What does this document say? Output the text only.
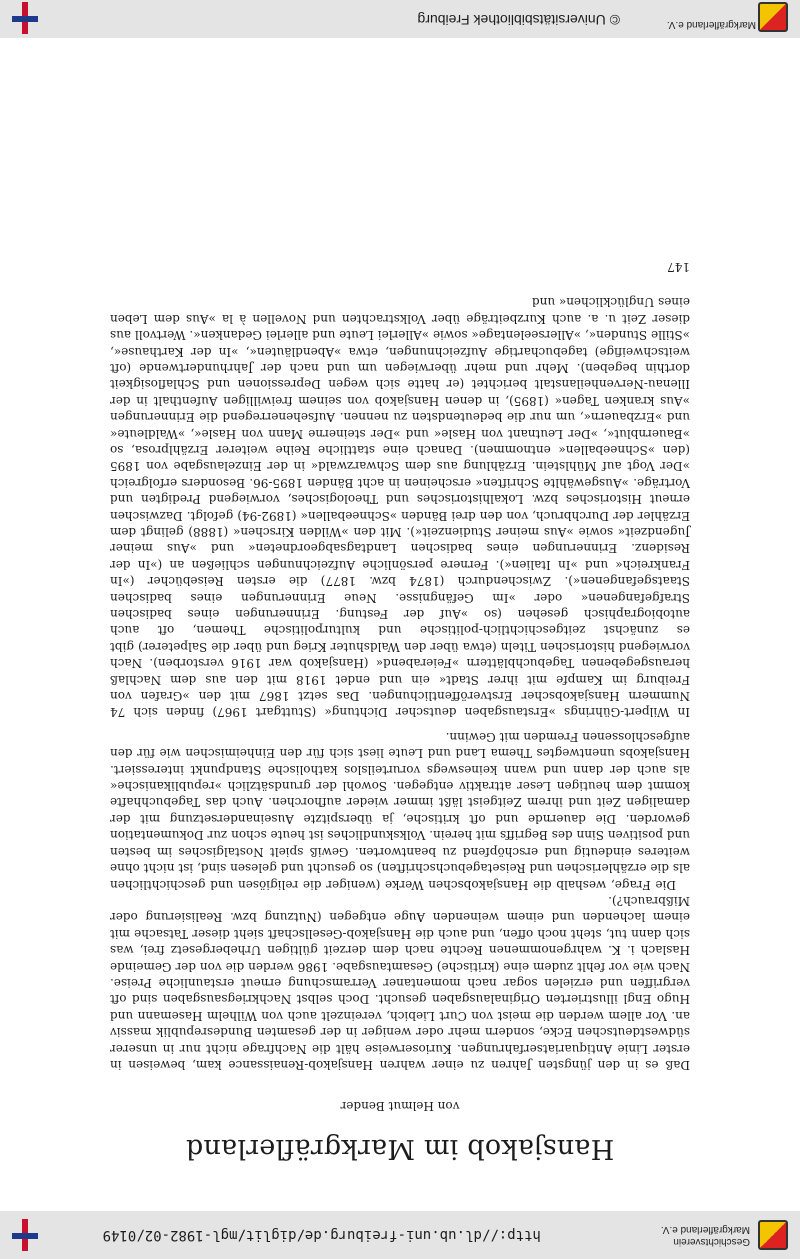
Geschichtsverein
Markgräflerland e.V.
http://dl.ub.uni-freiburg.de/diglit/mgl-1982-02/0149
Hansjakob im Markgräflerland
von Helmut Bender

Daß es in den jüngsten Jahren zu einer wahren Hansjakob-Renaissance kam, beweisen in erster Linie Antiquariatserfahrungen. Kurioserweise hält die Nachfrage nicht nur in unserer südwestdeutschen Ecke, sondern mehr oder weniger in der gesamten Bundesrepublik massiv an. Vor allem werden die meist von Curt Liebich, vereinzelt auch von Wilhelm Hasemann und Hugo Engl illustrierten Originalausgaben gesucht. Doch selbst Nachkriegsausgaben sind oft vergriffen und erzielen sogar nach momentaner Verramschung erneut erstaunliche Preise. Nach wie vor fehlt zudem eine (kritische) Gesamtausgabe. 1986 werden die von der Gemeinde Haslach i. K. wahrgenommenen Rechte nach dem derzeit gültigen Urhebergesetz frei, was sich dann tut, steht noch offen, und auch die Hansjakob-Gesellschaft sieht dieser Tatsache mit einem lachenden und einem weinenden Auge entgegen (Nutzung bzw. Realisierung oder Mißbrauch?).

Die Frage, weshalb die Hansjakobschen Werke (weniger die religiösen und geschichtlichen als die erzählerischen und Reisetagebuchschriften) so gesucht und gelesen sind, ist nicht ohne weiteres eindeutig und erschöpfend zu beantworten. Gewiß spielt Nostalgisches im besten und positiven Sinn des Begriffs mit herein. Volkskundliches ist heute schon zur Dokumentation geworden. Die dauernde und oft kritische, ja überspitzte Auseinandersetzung mit der damaligen Zeit und ihrem Zeitgeist läßt immer wieder aufhorchen. Auch das Tagebuchhafte kommt dem heutigen Leser attraktiv entgegen. Sowohl der grundsätzlich »republikanische« als auch der dann und wann keineswegs vorurteilslos katholische Standpunkt interessiert. Hansjakobs unentwegtes Thema Land und Leute liest sich für den Einheimischen wie für den aufgeschlossenen Fremden mit Gewinn.

In Wilpert-Gührings »Erstausgaben deutscher Dichtung« (Stuttgart 1967) finden sich 74 Nummern Hansjakobscher Erstveröffentlichungen. Das setzt 1867 mit den »Grafen von Freiburg im Kampfe mit ihrer Stadt« ein und endet 1918 mit den aus dem Nachlaß herausgegebenen Tagebuchblättern »Feierabend« (Hansjakob war 1916 verstorben). Nach vorwiegend historischen Titeln (etwa über den Waldshuter Krieg und über die Salpeterer) gibt es zunächst zeitgeschichtlich-politische und kulturpolitische Themen, oft auch autobiographisch gesehen (so »Auf der Festung. Erinnerungen eines badischen Strafgefangenen« oder »Im Gefängnisse. Neue Erinnerungen eines badischen Staatsgefangenen«). Zwischendurch (1874 bzw. 1877) die ersten Reisebücher (»In Frankreich« und »In Italien«). Fernere persönliche Aufzeichnungen schließen an (»In der Residenz. Erinnerungen eines badischen Landtagsabgeordneten« und »Aus meiner Jugendzeit« sowie »Aus meiner Studienzeit«). Mit den »Wilden Kirschen« (1888) gelingt dem Erzähler der Durchbruch, von den drei Bänden »Schneeballen« (1892-94) gefolgt. Dazwischen erneut Historisches bzw. Lokalhistorisches und Theologisches, vorwiegend Predigten und Vorträge. »Ausgewählte Schriften« erscheinen in acht Bänden 1895-96. Besonders erfolgreich »Der Vogt auf Mühlstein. Erzählung aus dem Schwarzwald« in der Einzelausgabe von 1895 (den »Schneeballen« entnommen). Danach eine stattliche Reihe weiterer Erzählprosa, so »Bauernblut«, »Der Leutnant von Hasle« und »Der steinerne Mann von Hasle«, »Waldleute« und »Erzbauern«, um nur die bedeutendsten zu nennen. Aufsehenerregend die Erinnerungen »Aus kranken Tagen« (1895), in denen Hansjakob von seinem freiwilligen Aufenthalt in der Illenau-Nervenheilanstalt berichtet (er hatte sich wegen Depressionen und Schlaflosigkeit dorthin begeben). Mehr und mehr überwiegen um und nach der Jahrhundertwende (oft weitschweifige) tagebuchartige Aufzeichnungen, etwa »Abendläuten«, »In der Karthause«, »Stille Stunden«, »Allerseelentage« sowie »Allerlei Leute und allerlei Gedanken«. Wertvoll aus dieser Zeit u. a. auch Kurzbeiträge über Volkstrachten und Novellen à la »Aus dem Leben eines Unglücklichen« und

147
Markgräflerland e.V.
© Universitätsbibliothek Freiburg
